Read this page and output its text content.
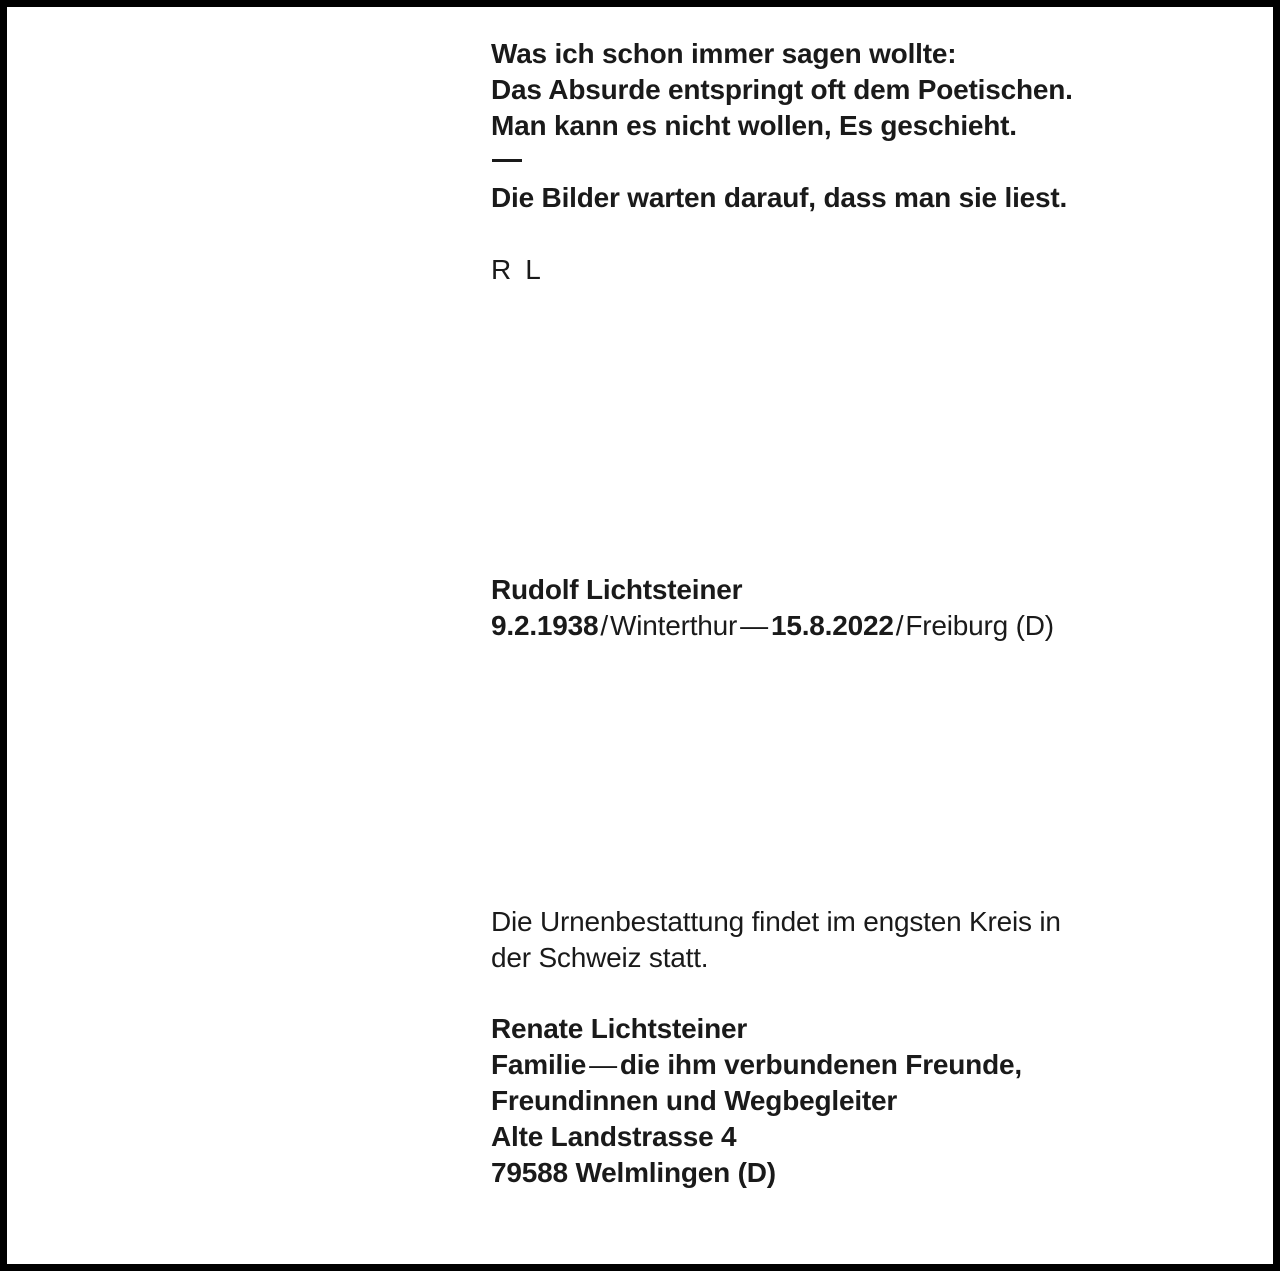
Was ich schon immer sagen wollte:
Das Absurde entspringt oft dem Poetischen.
Man kann es nicht wollen, Es geschieht.
Die Bilder warten darauf, dass man sie liest.
R L
Rudolf Lichtsteiner
9.2.1938/Winterthur — 15.8.2022/Freiburg (D)
Die Urnenbestattung findet im engsten Kreis in
der Schweiz statt.
Renate Lichtsteiner
Familie — die ihm verbundenen Freunde,
Freundinnen und Wegbegleiter
Alte Landstrasse 4
79588 Welmlingen (D)
